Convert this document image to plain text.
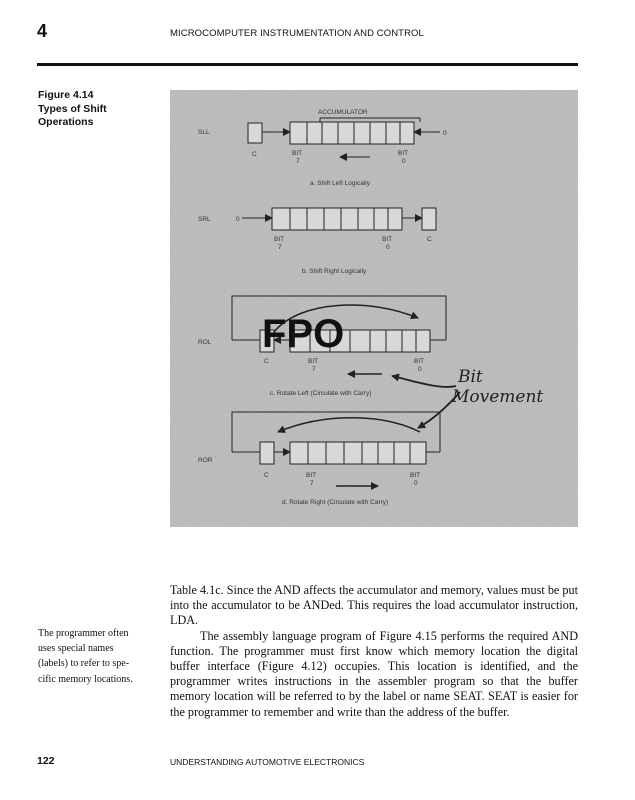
4	MICROCOMPUTER INSTRUMENTATION AND CONTROL
Figure 4.14
Types of Shift
Operations
ACCUMULATOR
SLL	0
C	BIT
7
BIT
0
a. Shift Left Logically
SRL	0
BIT
7
BIT
0
C
b. Shift Right Logically
ROL
C	BIT
7
BIT
0
c. Rotate Left (Circulate with Carry)
ROR
C	BIT
7
BIT
0
d. Rotate Right (Circulate with Carry)
Bit
Movement
FPO

Table 4.1c. Since the AND affects the accumulator and memory, values must be put into the accumulator to be ANDed. This requires the load accumulator instruction, LDA.

The assembly language program of Figure 4.15 performs the required AND function. The programmer must first know which memory location the digital buffer interface (Figure 4.12) occupies. This location is identified, and the programmer writes instructions in the assembler program so that the buffer memory location will be referred to by the label or name SEAT. SEAT is easier for the programmer to remember and write than the address of the buffer.

The programmer often
uses special names
(labels) to refer to spe-
cific memory locations.
122	UNDERSTANDING AUTOMOTIVE ELECTRONICS
